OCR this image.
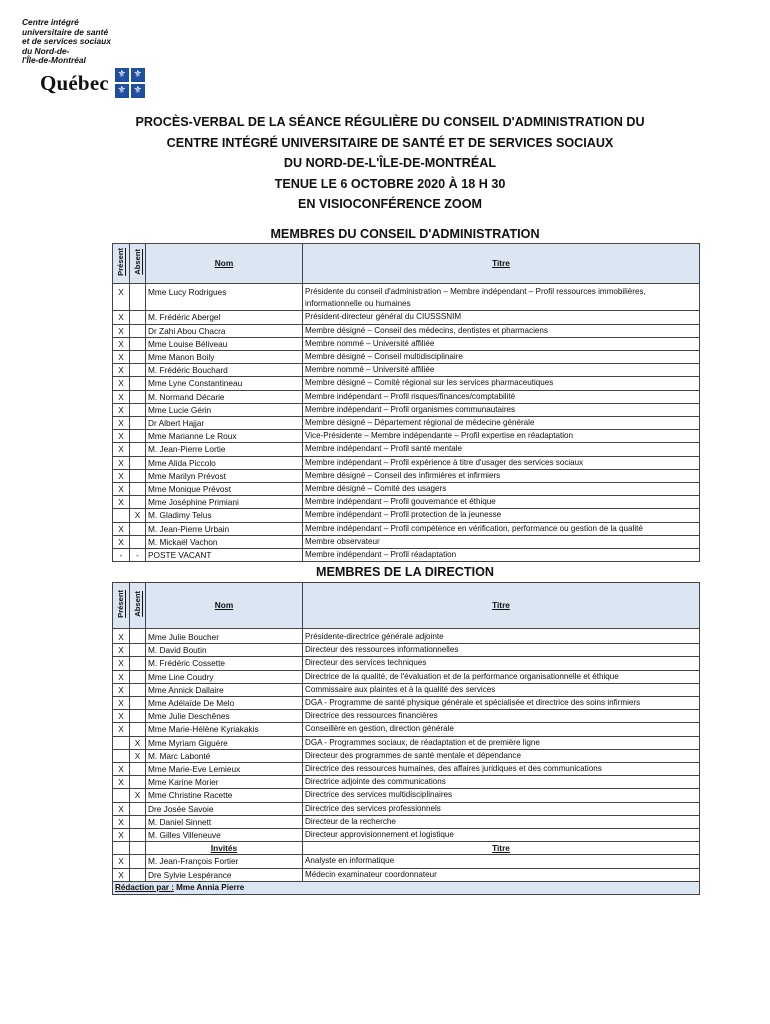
Centre intégré
universitaire de santé
et de services sociaux
du Nord-de-
l'Île-de-Montréal
Québec ⚜
⚜
⚜
⚜
PROCÈS-VERBAL DE LA SÉANCE RÉGULIÈRE DU CONSEIL D'ADMINISTRATION DU
CENTRE INTÉGRÉ UNIVERSITAIRE DE SANTÉ ET DE SERVICES SOCIAUX
DU NORD-DE-L'ÎLE-DE-MONTRÉAL
TENUE LE 6 OCTOBRE 2020 À 18 H 30
EN VISIOCONFÉRENCE ZOOM
MEMBRES DU CONSEIL D'ADMINISTRATION
Présent	Absent	Nom	Titre
X		Mme Lucy Rodrigues	Présidente du conseil d'administration – Membre indépendant – Profil ressources immobilières, informationnelle ou humaines
X		M. Frédéric Abergel	Président-directeur général du CIUSSSNIM
X		Dr Zahi Abou Chacra	Membre désigné – Conseil des médecins, dentistes et pharmaciens
X		Mme Louise Béliveau	Membre nommé – Université affiliée
X		Mme Manon Boily	Membre désigné – Conseil multidisciplinaire
X		M. Frédéric Bouchard	Membre nommé – Université affiliée
X		Mme Lyne Constantineau	Membre désigné – Comité régional sur les services pharmaceutiques
X		M. Normand Décarie	Membre indépendant – Profil risques/finances/comptabilité
X		Mme Lucie Gérin	Membre indépendant – Profil organismes communautaires
X		Dr Albert Hajjar	Membre désigné – Département régional de médecine générale
X		Mme Marianne Le Roux	Vice-Présidente – Membre indépendante – Profil expertise en réadaptation
X		M. Jean-Pierre Lortie	Membre indépendant – Profil santé mentale
X		Mme Alida Piccolo	Membre indépendant – Profil expérience à titre d'usager des services sociaux
X		Mme Marilyn Prévost	Membre désigné – Conseil des infirmières et infirmiers
X		Mme Monique Prévost	Membre désigné – Comité des usagers
X		Mme Joséphine Primiani	Membre indépendant – Profil gouvernance et éthique
	X	M. Gladimy Telus	Membre indépendant – Profil protection de la jeunesse
X		M. Jean-Pierre Urbain	Membre indépendant – Profil compétence en vérification, performance ou gestion de la qualité
X		M. Mickaël Vachon	Membre observateur
-	-	POSTE VACANT	Membre indépendant – Profil réadaptation
MEMBRES DE LA DIRECTION
Présent	Absent	Nom	Titre
X		Mme Julie Boucher	Présidente-directrice générale adjointe
X		M. David Boutin	Directeur des ressources informationnelles
X		M. Frédéric Cossette	Directeur des services techniques
X		Mme Line Coudry	Directrice de la qualité, de l'évaluation et de la performance organisationnelle et éthique
X		Mme Annick Dallaire	Commissaire aux plaintes et à la qualité des services
X		Mme Adélaïde De Melo	DGA - Programme de santé physique générale et spécialisée et directrice des soins infirmiers
X		Mme Julie Deschênes	Directrice des ressources financières
X		Mme Marie-Hélène Kyriakakis	Conseillère en gestion, direction générale
	X	Mme Myriam Giguère	DGA - Programmes sociaux, de réadaptation et de première ligne
	X	M. Marc Labonté	Directeur des programmes de santé mentale et dépendance
X		Mme Marie-Eve Lemieux	Directrice des ressources humaines, des affaires juridiques et des communications
X		Mme Karine Morier	Directrice adjointe des communications
	X	Mme Christine Racette	Directrice des services multidisciplinaires
X		Dre Josée Savoie	Directrice des services professionnels
X		M. Daniel Sinnett	Directeur de la recherche
X		M. Gilles Villeneuve	Directeur approvisionnement et logistique
		Invités	Titre
X		M. Jean-François Fortier	Analyste en informatique
X		Dre Sylvie Lespérance	Médecin examinateur coordonnateur
Rédaction par : Mme Annia Pierre			
